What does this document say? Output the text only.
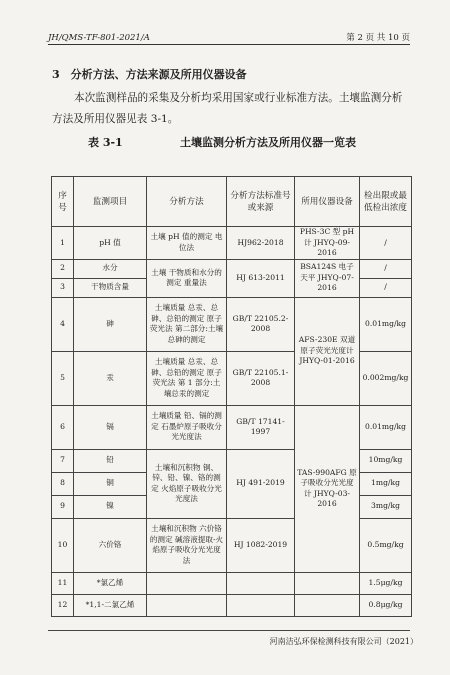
JH/QMS-TF-801-2021/A	第 2 页 共 10 页
3　分析方法、方法来源及所用仪器设备
本次监测样品的采集及分析均采用国家或行业标准方法。土壤监测分析方法及所用仪器见表 3-1。
表 3-1	土壤监测分析方法及所用仪器一览表
序号	监测项目	分析方法	分析方法标准号或来源	所用仪器设备	检出限或最低检出浓度
1	pH 值	土壤 pH 值的测定 电位法	HJ962-2018	PHS-3C 型 pH 计 JHYQ-09-2016	/
2	水分	土壤 干物质和水分的测定 重量法	HJ 613-2011	BSA124S 电子天平 JHYQ-07-2016	/
3	干物质含量				/
4	砷	土壤质量 总汞、总砷、总铅的测定 原子荧光法 第二部分:土壤总砷的测定	GB/T 22105.2-2008	AFS-230E 双道原子荧光光度计 JHYQ-01-2016	0.01mg/kg
5	汞	土壤质量 总汞、总砷、总铅的测定 原子荧光法 第 1 部分:土壤总汞的测定	GB/T 22105.1-2008		0.002mg/kg
6	镉	土壤质量 铅、镉的测定 石墨炉原子吸收分光光度法	GB/T 17141-1997	TAS-990AFG 原子吸收分光光度计 JHYQ-03-2016	0.01mg/kg
7	铅	土壤和沉积物 铜、锌、铅、镍、铬的测定 火焰原子吸收分光光度法	HJ 491-2019		10mg/kg
8	铜				1mg/kg
9	镍				3mg/kg
10	六价铬	土壤和沉积物 六价铬的测定 碱溶液提取-火焰原子吸收分光光度法	HJ 1082-2019		0.5mg/kg
11	*氯乙烯				1.5μg/kg
12	*1,1-二氯乙烯				0.8μg/kg
河南洁弘环保检测科技有限公司（2021）
